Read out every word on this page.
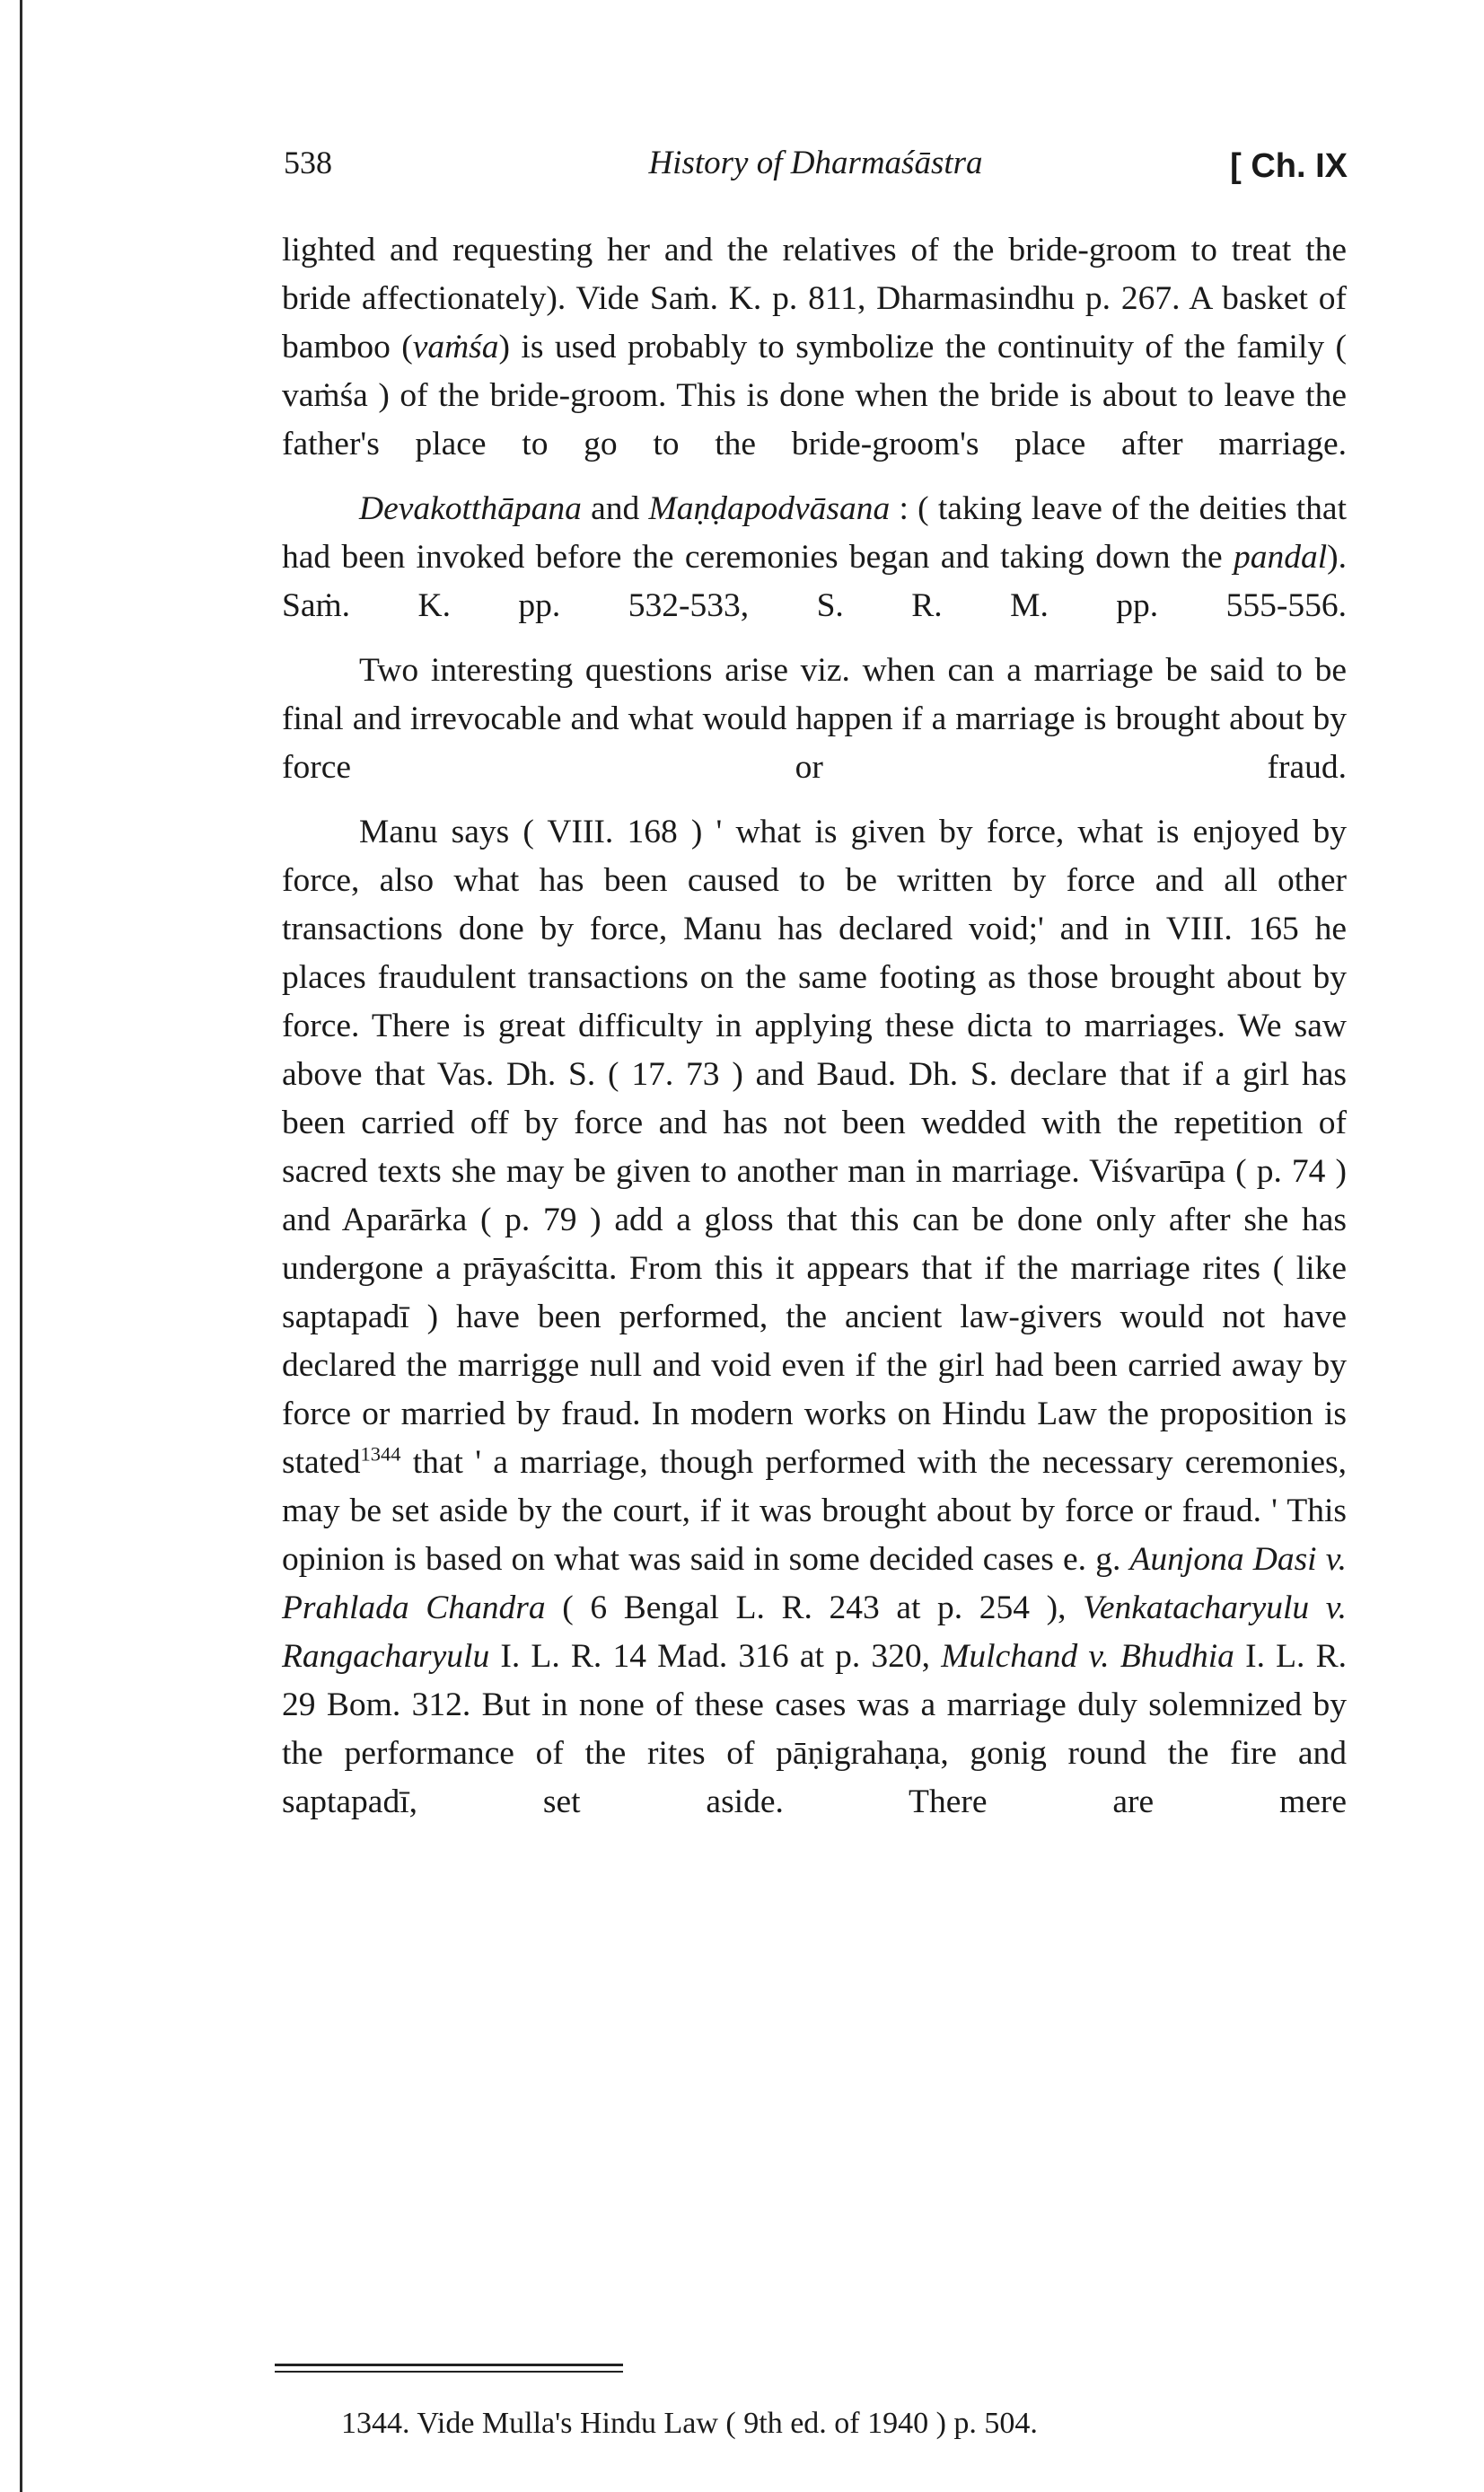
538	History of Dharmaśāstra	[ Ch. IX

lighted and requesting her and the relatives of the bride-groom to treat the bride affectionately). Vide Saṁ. K. p. 811, Dharmasindhu p. 267. A basket of bamboo (vaṁśa) is used probably to symbolize the continuity of the family ( vaṁśa ) of the bride-groom. This is done when the bride is about to leave the father's place to go to the bride-groom's place after marriage.

Devakotthāpana and Maṇḍapodvāsana : ( taking leave of the deities that had been invoked before the ceremonies began and taking down the pandal). Saṁ. K. pp. 532-533, S. R. M. pp. 555-556.

Two interesting questions arise viz. when can a marriage be said to be final and irrevocable and what would happen if a marriage is brought about by force or fraud.

Manu says ( VIII. 168 ) ' what is given by force, what is enjoyed by force, also what has been caused to be written by force and all other transactions done by force, Manu has declared void;' and in VIII. 165 he places fraudulent transactions on the same footing as those brought about by force. There is great difficulty in applying these dicta to marriages. We saw above that Vas. Dh. S. ( 17. 73 ) and Baud. Dh. S. declare that if a girl has been carried off by force and has not been wedded with the repetition of sacred texts she may be given to another man in marriage. Viśvarūpa ( p. 74 ) and Aparārka ( p. 79 ) add a gloss that this can be done only after she has undergone a prāyaścitta. From this it appears that if the marriage rites ( like saptapadī ) have been performed, the ancient law-givers would not have declared the marrigge null and void even if the girl had been carried away by force or married by fraud. In modern works on Hindu Law the proposition is stated$^{1344}$ that ' a marriage, though performed with the necessary ceremonies, may be set aside by the court, if it was brought about by force or fraud. ' This opinion is based on what was said in some decided cases e. g. Aunjona Dasi v. Prahlada Chandra ( 6 Bengal L. R. 243 at p. 254 ), Venkatacharyulu v. Rangacharyulu I. L. R. 14 Mad. 316 at p. 320, Mulchand v. Bhudhia I. L. R. 29 Bom. 312. But in none of these cases was a marriage duly solemnized by the performance of the rites of pāṇigrahaṇa, gonig round the fire and saptapadī, set aside. There are mere

1344. Vide Mulla's Hindu Law ( 9th ed. of 1940 ) p. 504.
